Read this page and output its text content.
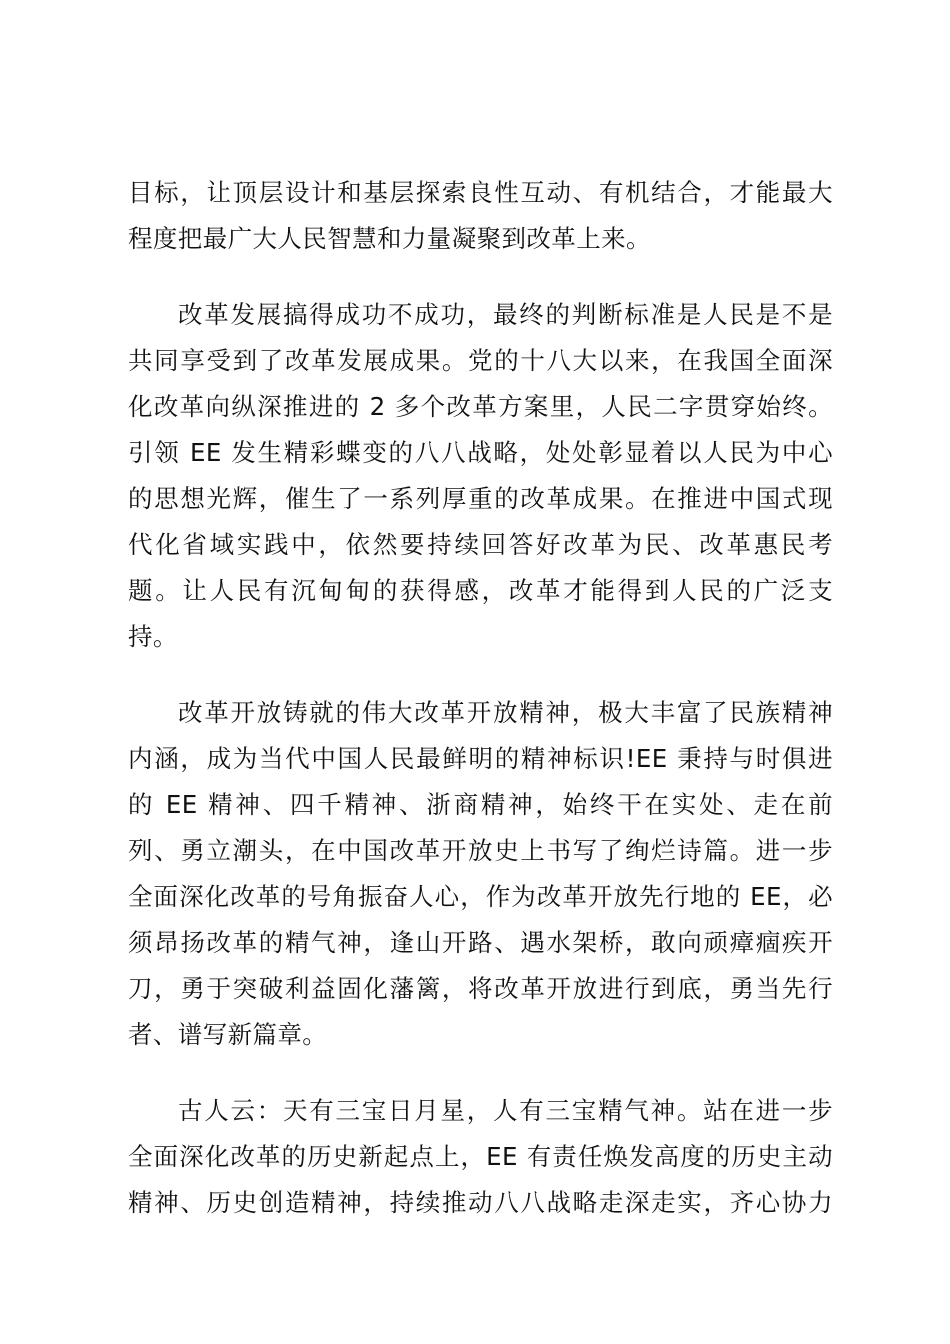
目标，让顶层设计和基层探索良性互动、有机结合，才能最大
程度把最广大人民智慧和力量凝聚到改革上来。
改革发展搞得成功不成功，最终的判断标准是人民是不是
共同享受到了改革发展成果。党的十八大以来，在我国全面深
化改革向纵深推进的 2 多个改革方案里，人民二字贯穿始终。
引领 EE 发生精彩蝶变的八八战略，处处彰显着以人民为中心
的思想光辉，催生了一系列厚重的改革成果。在推进中国式现
代化省域实践中，依然要持续回答好改革为民、改革惠民考
题。让人民有沉甸甸的获得感，改革才能得到人民的广泛支
持。
改革开放铸就的伟大改革开放精神，极大丰富了民族精神
内涵，成为当代中国人民最鲜明的精神标识!EE 秉持与时俱进
的 EE 精神、四千精神、浙商精神，始终干在实处、走在前
列、勇立潮头，在中国改革开放史上书写了绚烂诗篇。进一步
全面深化改革的号角振奋人心，作为改革开放先行地的 EE，必
须昂扬改革的精气神，逢山开路、遇水架桥，敢向顽瘴痼疾开
刀，勇于突破利益固化藩篱，将改革开放进行到底，勇当先行
者、谱写新篇章。
古人云：天有三宝日月星，人有三宝精气神。站在进一步
全面深化改革的历史新起点上，EE 有责任焕发高度的历史主动
精神、历史创造精神，持续推动八八战略走深走实，齐心协力
